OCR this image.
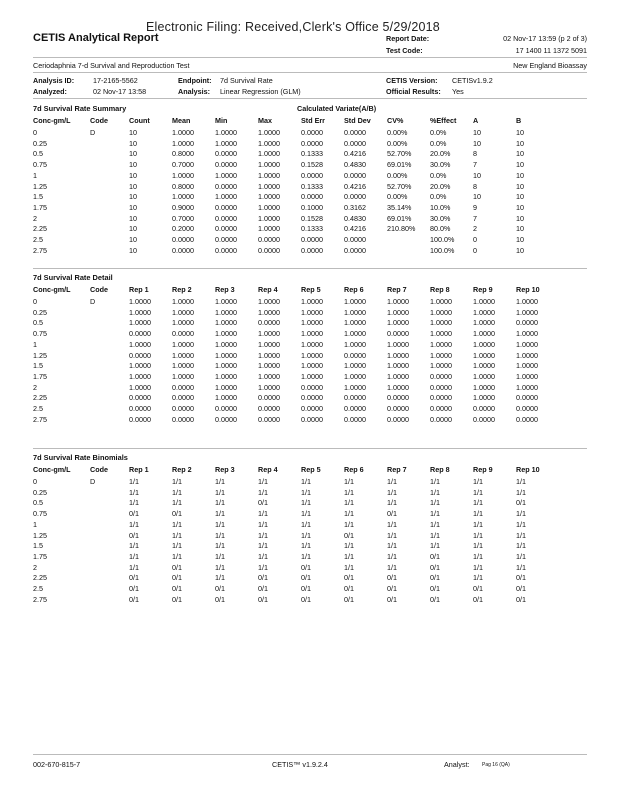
Electronic Filing: Received,Clerk's Office 5/29/2018
CETIS Analytical Report	Report Date:	02 Nov-17 13:59 (p 2 of 3)
Test Code:	17 1400 11 1372 5091
Ceriodaphnia 7-d Survival and Reproduction Test	New England Bioassay
Analysis ID:	17-2165-5562	Endpoint: 7d Survival Rate	CETIS Version: CETISv1.9.2
Analyzed:	02 Nov-17 13:58	Analysis: Linear Regression (GLM)	Official Results: Yes
7d Survival Rate Summary	Calculated Variate(A/B)
Conc-gm/L	Code	Count	Mean	Min	Max	Std Err	Std Dev	CV%	%Effect	A	B
0	D	10	1.0000	1.0000	1.0000	0.0000	0.0000	0.00%	0.0%	10	10
0.25		10	1.0000	1.0000	1.0000	0.0000	0.0000	0.00%	0.0%	10	10
0.5		10	0.8000	0.0000	1.0000	0.1333	0.4216	52.70%	20.0%	8	10
0.75		10	0.7000	0.0000	1.0000	0.1528	0.4830	69.01%	30.0%	7	10
1		10	1.0000	1.0000	1.0000	0.0000	0.0000	0.00%	0.0%	10	10
1.25		10	0.8000	0.0000	1.0000	0.1333	0.4216	52.70%	20.0%	8	10
1.5		10	1.0000	1.0000	1.0000	0.0000	0.0000	0.00%	0.0%	10	10
1.75		10	0.9000	0.0000	1.0000	0.1000	0.3162	35.14%	10.0%	9	10
2		10	0.7000	0.0000	1.0000	0.1528	0.4830	69.01%	30.0%	7	10
2.25		10	0.2000	0.0000	1.0000	0.1333	0.4216	210.80%	80.0%	2	10
2.5		10	0.0000	0.0000	0.0000	0.0000	0.0000		100.0%	0	10
2.75		10	0.0000	0.0000	0.0000	0.0000	0.0000		100.0%	0	10
7d Survival Rate Detail
Conc-gm/L	Code	Rep 1	Rep 2	Rep 3	Rep 4	Rep 5	Rep 6	Rep 7	Rep 8	Rep 9	Rep 10
0	D	1.0000	1.0000	1.0000	1.0000	1.0000	1.0000	1.0000	1.0000	1.0000	1.0000
0.25		1.0000	1.0000	1.0000	1.0000	1.0000	1.0000	1.0000	1.0000	1.0000	1.0000
0.5		1.0000	1.0000	1.0000	0.0000	1.0000	1.0000	1.0000	1.0000	1.0000	0.0000
0.75		0.0000	0.0000	1.0000	1.0000	1.0000	1.0000	0.0000	1.0000	1.0000	1.0000
1		1.0000	1.0000	1.0000	1.0000	1.0000	1.0000	1.0000	1.0000	1.0000	1.0000
1.25		0.0000	1.0000	1.0000	1.0000	1.0000	0.0000	1.0000	1.0000	1.0000	1.0000
1.5		1.0000	1.0000	1.0000	1.0000	1.0000	1.0000	1.0000	1.0000	1.0000	1.0000
1.75		1.0000	1.0000	1.0000	1.0000	1.0000	1.0000	1.0000	0.0000	1.0000	1.0000
2		1.0000	0.0000	1.0000	1.0000	0.0000	1.0000	1.0000	0.0000	1.0000	1.0000
2.25		0.0000	0.0000	1.0000	0.0000	0.0000	0.0000	0.0000	0.0000	1.0000	0.0000
2.5		0.0000	0.0000	0.0000	0.0000	0.0000	0.0000	0.0000	0.0000	0.0000	0.0000
2.75		0.0000	0.0000	0.0000	0.0000	0.0000	0.0000	0.0000	0.0000	0.0000	0.0000
7d Survival Rate Binomials
Conc-gm/L	Code	Rep 1	Rep 2	Rep 3	Rep 4	Rep 5	Rep 6	Rep 7	Rep 8	Rep 9	Rep 10
0	D	1/1	1/1	1/1	1/1	1/1	1/1	1/1	1/1	1/1	1/1
0.25		1/1	1/1	1/1	1/1	1/1	1/1	1/1	1/1	1/1	1/1
0.5		1/1	1/1	1/1	0/1	1/1	1/1	1/1	1/1	1/1	0/1
0.75		0/1	0/1	1/1	1/1	1/1	1/1	0/1	1/1	1/1	1/1
1		1/1	1/1	1/1	1/1	1/1	1/1	1/1	1/1	1/1	1/1
1.25		0/1	1/1	1/1	1/1	1/1	0/1	1/1	1/1	1/1	1/1
1.5		1/1	1/1	1/1	1/1	1/1	1/1	1/1	1/1	1/1	1/1
1.75		1/1	1/1	1/1	1/1	1/1	1/1	1/1	0/1	1/1	1/1
2		1/1	0/1	1/1	1/1	0/1	1/1	1/1	0/1	1/1	1/1
2.25		0/1	0/1	1/1	0/1	0/1	0/1	0/1	0/1	1/1	0/1
2.5		0/1	0/1	0/1	0/1	0/1	0/1	0/1	0/1	0/1	0/1
2.75		0/1	0/1	0/1	0/1	0/1	0/1	0/1	0/1	0/1	0/1
002-670-815-7	CETIS™ v1.9.2.4	Analyst: Pag 16 (QA)
